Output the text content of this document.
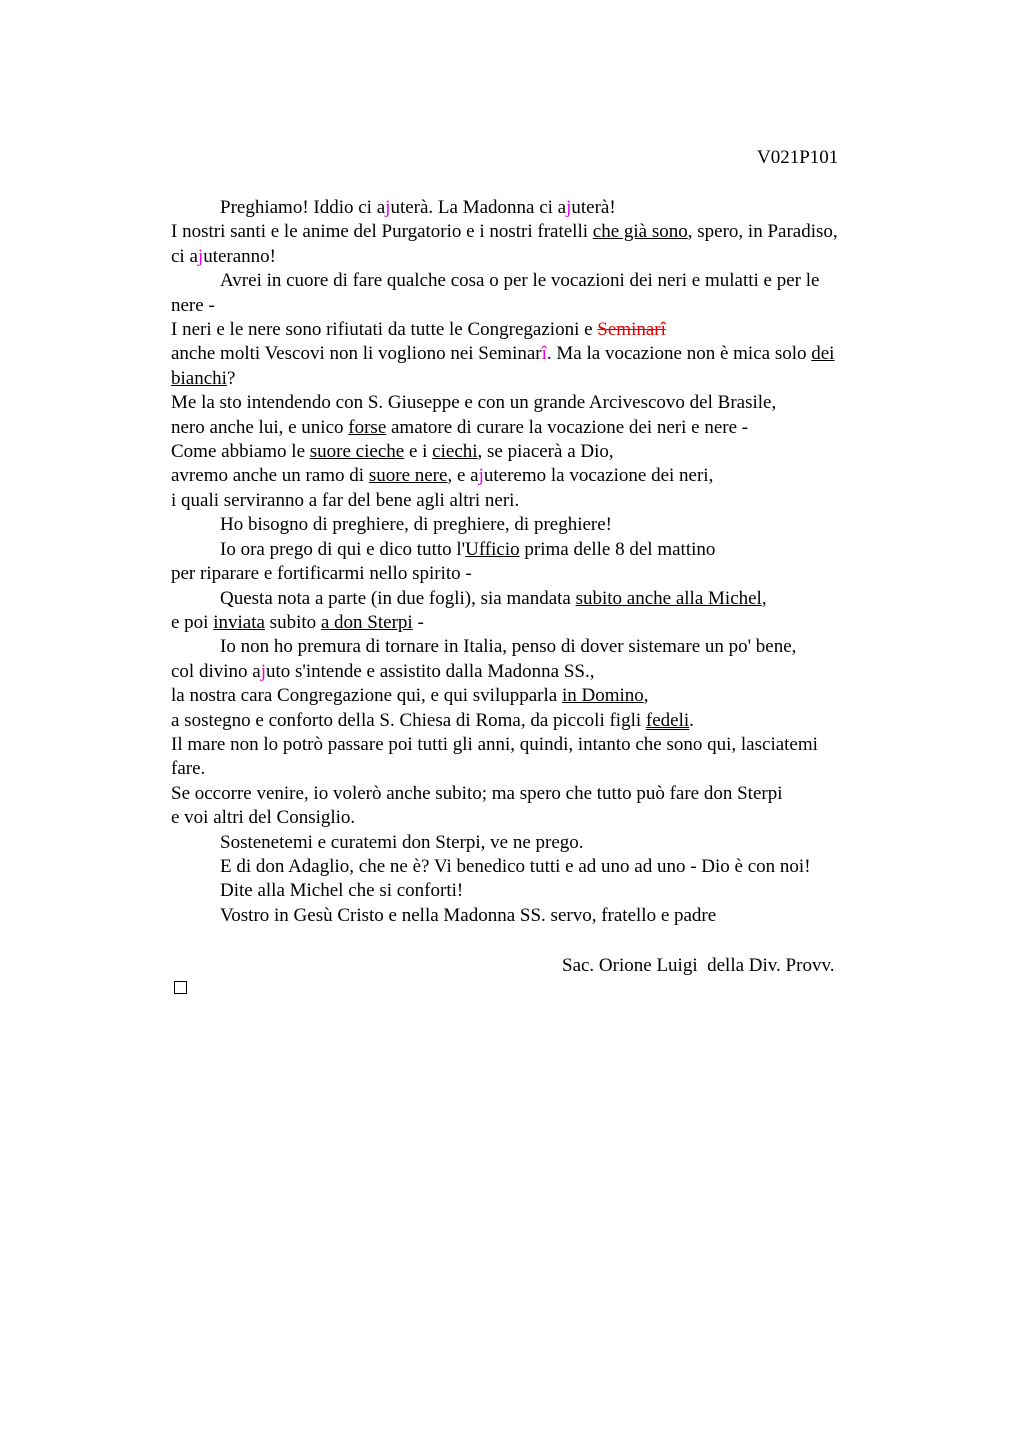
V021P101
Preghiamo! Iddio ci ajuterà. La Madonna ci ajuterà!
I nostri santi e le anime del Purgatorio e i nostri fratelli che già sono, spero, in Paradiso,
ci ajuteranno!
Avrei in cuore di fare qualche cosa o per le vocazioni dei neri e mulatti e per le
nere -
I neri e le nere sono rifiutati da tutte le Congregazioni e Seminarî
anche molti Vescovi non li vogliono nei Seminarî. Ma la vocazione non è mica solo dei
bianchi?
Me la sto intendendo con S. Giuseppe e con un grande Arcivescovo del Brasile,
nero anche lui, e unico forse amatore di curare la vocazione dei neri e nere -
Come abbiamo le suore cieche e i ciechi, se piacerà a Dio,
avremo anche un ramo di suore nere, e ajuteremo la vocazione dei neri,
i quali serviranno a far del bene agli altri neri.
Ho bisogno di preghiere, di preghiere, di preghiere!
Io ora prego di qui e dico tutto l'Ufficio prima delle 8 del mattino
per riparare e fortificarmi nello spirito -
Questa nota a parte (in due fogli), sia mandata subito anche alla Michel,
e poi inviata subito a don Sterpi -
Io non ho premura di tornare in Italia, penso di dover sistemare un po' bene,
col divino ajuto s'intende e assistito dalla Madonna SS.,
la nostra cara Congregazione qui, e qui svilupparla in Domino,
a sostegno e conforto della S. Chiesa di Roma, da piccoli figli fedeli.
Il mare non lo potrò passare poi tutti gli anni, quindi, intanto che sono qui, lasciatemi
fare.
Se occorre venire, io volerò anche subito; ma spero che tutto può fare don Sterpi
e voi altri del Consiglio.
Sostenetemi e curatemi don Sterpi, ve ne prego.
E di don Adaglio, che ne è? Vi benedico tutti e ad uno ad uno - Dio è con noi!
Dite alla Michel che si conforti!
Vostro in Gesù Cristo e nella Madonna SS. servo, fratello e padre
Sac. Orione Luigi  della Div. Provv.
